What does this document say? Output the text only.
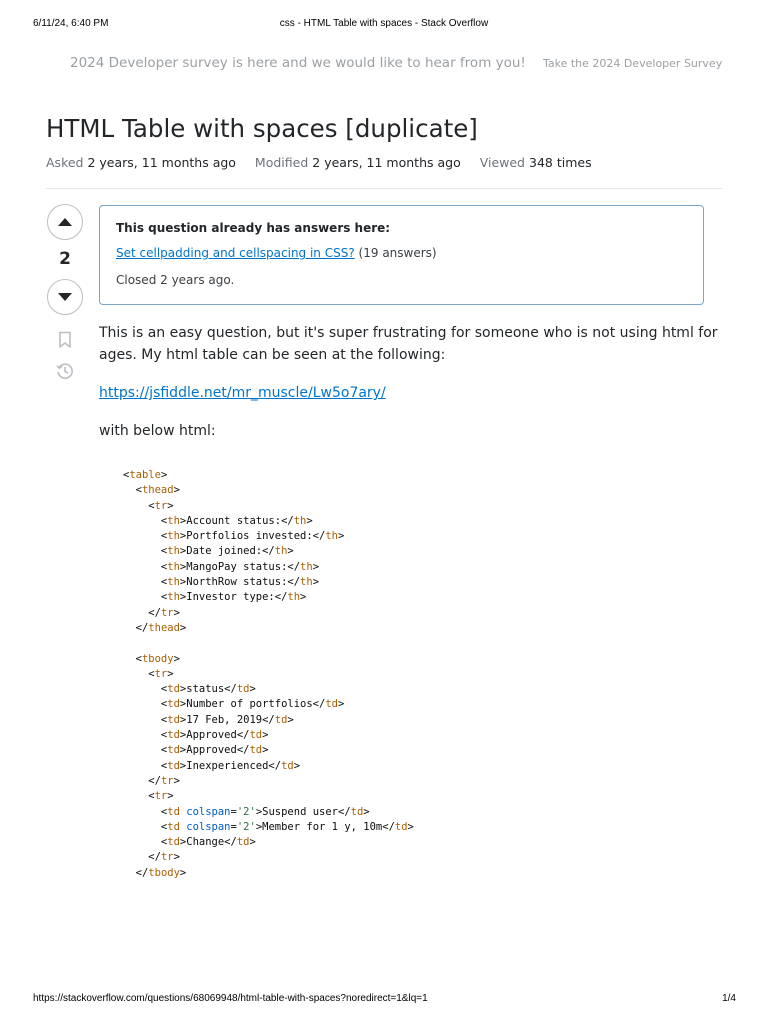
6/11/24, 6:40 PM	css - HTML Table with spaces - Stack Overflow
2024 Developer survey is here and we would like to hear from you! Take the 2024 Developer Survey
HTML Table with spaces [duplicate]
Asked 2 years, 11 months ago Modified 2 years, 11 months ago Viewed 348 times
2
This question already has answers here:
Set cellpadding and cellspacing in CSS? (19 answers)
Closed 2 years ago.

This is an easy question, but it's super frustrating for someone who is not using html for ages. My html table can be seen at the following:

https://jsfiddle.net/mr_muscle/Lw5o7ary/

with below html:

<table>
<thead>
<tr>
<th>Account status:</th>
<th>Portfolios invested:</th>
<th>Date joined:</th>
<th>MangoPay status:</th>
<th>NorthRow status:</th>
<th>Investor type:</th>
</tr>
</thead>

<tbody>
<tr>
<td>status</td>
<td>Number of portfolios</td>
<td>17 Feb, 2019</td>
<td>Approved</td>
<td>Approved</td>
<td>Inexperienced</td>
</tr>
<tr>
<td colspan='2'>Suspend user</td>
<td colspan='2'>Member for 1 y, 10m</td>
<td>Change</td>
</tr>
</tbody>
https://stackoverflow.com/questions/68069948/html-table-with-spaces?noredirect=1&lq=1	1/4
